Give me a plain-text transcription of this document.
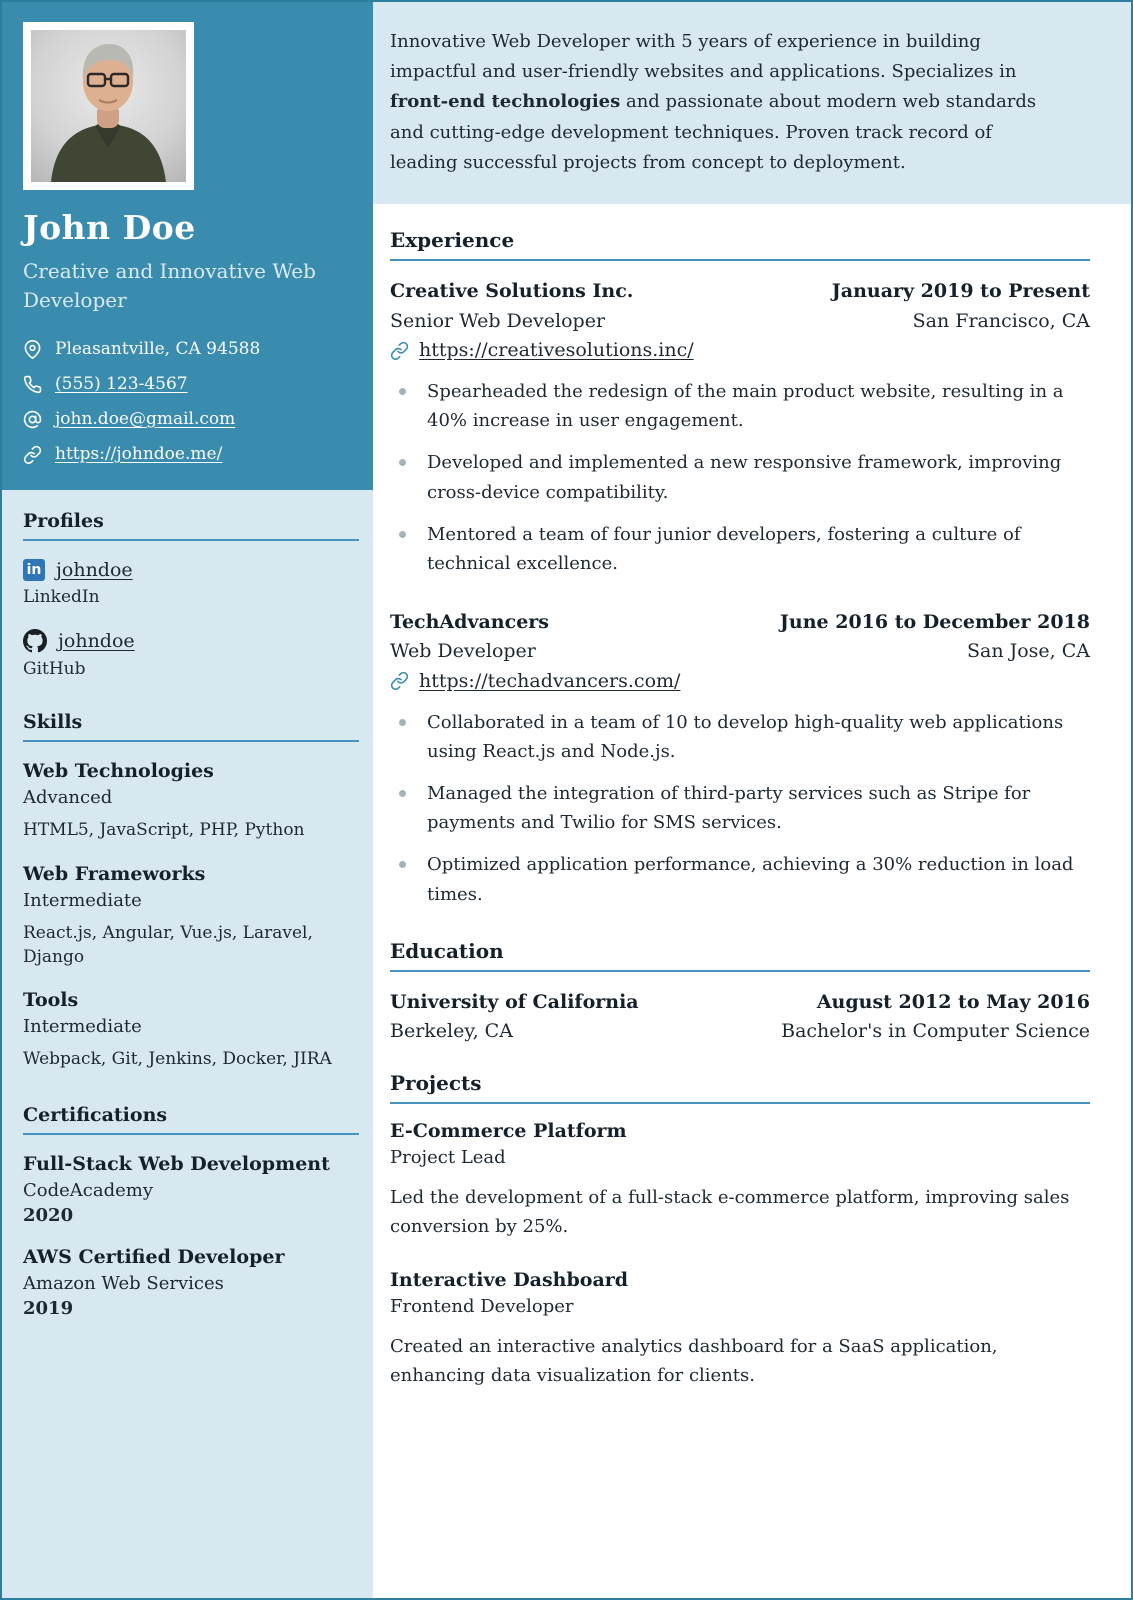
John Doe
Creative and Innovative Web Developer
Pleasantville, CA 94588
(555) 123-4567
john.doe@gmail.com
https://johndoe.me/
Profiles
in johndoe
LinkedIn
johndoe
GitHub
Skills
Web Technologies
Advanced
HTML5, JavaScript, PHP, Python
Web Frameworks
Intermediate
React.js, Angular, Vue.js, Laravel, Django
Tools
Intermediate
Webpack, Git, Jenkins, Docker, JIRA
Certifications
Full-Stack Web Development
CodeAcademy
2020
AWS Certified Developer
Amazon Web Services
2019
Innovative Web Developer with 5 years of experience in building impactful and user-friendly websites and applications. Specializes in front-end technologies and passionate about modern web standards and cutting-edge development techniques. Proven track record of leading successful projects from concept to deployment.
Experience
Creative Solutions Inc.	January 2019 to Present
Senior Web Developer	San Francisco, CA
https://creativesolutions.inc/
Spearheaded the redesign of the main product website, resulting in a 40% increase in user engagement.
Developed and implemented a new responsive framework, improving cross-device compatibility.
Mentored a team of four junior developers, fostering a culture of technical excellence.
TechAdvancers	June 2016 to December 2018
Web Developer	San Jose, CA
https://techadvancers.com/
Collaborated in a team of 10 to develop high-quality web applications using React.js and Node.js.
Managed the integration of third-party services such as Stripe for payments and Twilio for SMS services.
Optimized application performance, achieving a 30% reduction in load times.
Education
University of California	August 2012 to May 2016
Berkeley, CA	Bachelor's in Computer Science
Projects
E-Commerce Platform
Project Lead
Led the development of a full-stack e-commerce platform, improving sales conversion by 25%.
Interactive Dashboard
Frontend Developer
Created an interactive analytics dashboard for a SaaS application, enhancing data visualization for clients.
